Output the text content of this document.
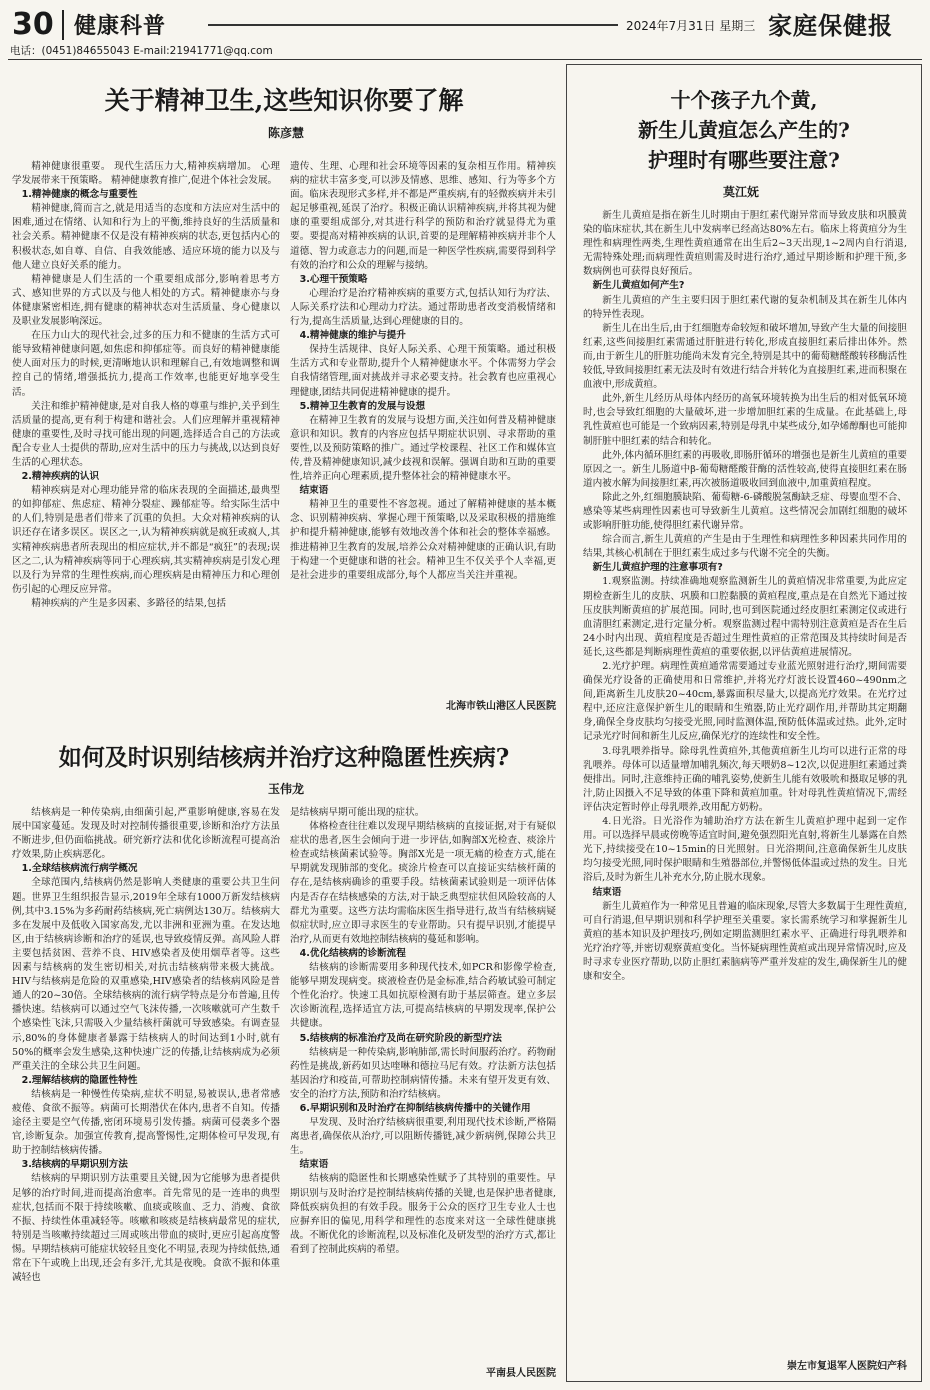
30 健康科普	2024年7月31日 星期三 家庭保健报
电话：(0451)84655043 E-mail:21941771@qq.com
关于精神卫生,这些知识你要了解
陈彦慧

精神健康很重要。 现代生活压力大,精神疾病增加。 心理学发展带来干预策略。 精神健康教育推广,促进个体社会发展。

1.精神健康的概念与重要性

精神健康,简而言之,就是用适当的态度和方法应对生活中的困难,通过在情绪、认知和行为上的平衡,维持良好的生活质量和社会关系。精神健康不仅是没有精神疾病的状态,更包括内心的积极状态,如自尊、自信、自我效能感、适应环境的能力以及与他人建立良好关系的能力。

精神健康是人们生活的一个重要组成部分,影响着思考方式、感知世界的方式以及与他人相处的方式。精神健康亦与身体健康紧密相连,拥有健康的精神状态对生活质量、身心健康以及职业发展影响深远。

在压力山大的现代社会,过多的压力和不健康的生活方式可能导致精神健康问题,如焦虑和抑郁症等。而良好的精神健康能使人面对压力的时候,更清晰地认识和理解自己,有效地调整和调控自己的情绪,增强抵抗力,提高工作效率,也能更好地享受生活。

关注和维护精神健康,是对自我人格的尊重与维护,关乎到生活质量的提高,更有利于构建和谐社会。人们应理解并重视精神健康的重要性,及时寻找可能出现的问题,选择适合自己的方法或配合专业人士提供的帮助,应对生活中的压力与挑战,以达到良好生活的心理状态。

2.精神疾病的认识

精神疾病是对心理功能异常的临床表现的全面描述,最典型的如抑郁症、焦虑症、精神分裂症、躁郁症等。给实际生活中的人们,特别是患者们带来了沉重的负担。大众对精神疾病的认识还存在诸多误区。误区之一,认为精神疾病就是疯狂或疯人,其实精神疾病患者所表现出的相应症状,并不都是“疯狂”的表现;误区之二,认为精神疾病等同于心理疾病,其实精神疾病是引发心理以及行为异常的生理性疾病,而心理疾病是由精神压力和心理创伤引起的心理反应异常。

精神疾病的产生是多因素、多路径的结果,包括

遗传、生理、心理和社会环境等因素的复杂相互作用。精神疾病的症状丰富多变,可以涉及情感、思维、感知、行为等多个方面。临床表现形式多样,并不都是严重疾病,有的轻微疾病并未引起足够重视,延误了治疗。积极正确认识精神疾病,并将其视为健康的重要组成部分,对其进行科学的预防和治疗就显得尤为重要。要提高对精神疾病的认识,首要的是理解精神疾病并非个人道德、智力或意志力的问题,而是一种医学性疾病,需要得到科学有效的治疗和公众的理解与接纳。

3.心理干预策略

心理治疗是治疗精神疾病的重要方式,包括认知行为疗法、人际关系疗法和心理动力疗法。通过帮助患者改变消极情绪和行为,提高生活质量,达到心理健康的目的。

4.精神健康的维护与提升

保持生活规律、良好人际关系、心理干预策略。通过积极生活方式和专业帮助,提升个人精神健康水平。个体需努力学会自我情绪管理,面对挑战并寻求必要支持。社会教育也应重视心理健康,团结共同促进精神健康的提升。

5.精神卫生教育的发展与设想

在精神卫生教育的发展与设想方面,关注如何普及精神健康意识和知识。教育的内容应包括早期症状识别、寻求帮助的重要性,以及预防策略的推广。通过学校课程、社区工作和媒体宣传,普及精神健康知识,减少歧视和误解。强调自助和互助的重要性,培养正向心理素质,提升整体社会的精神健康水平。

结束语

精神卫生的重要性不容忽视。通过了解精神健康的基本概念、识别精神疾病、掌握心理干预策略,以及采取积极的措施维护和提升精神健康,能够有效地改善个体和社会的整体幸福感。推进精神卫生教育的发展,培养公众对精神健康的正确认识,有助于构建一个更健康和谐的社会。精神卫生不仅关乎个人幸福,更是社会进步的重要组成部分,每个人都应当关注并重视。

北海市铁山港区人民医院
如何及时识别结核病并治疗这种隐匿性疾病?
玉伟龙

结核病是一种传染病,由细菌引起,严重影响健康,容易在发展中国家蔓延。发现及时对控制传播很重要,诊断和治疗方法虽不断进步,但仍面临挑战。研究新疗法和优化诊断流程可提高治疗效果,防止疾病恶化。

1.全球结核病流行病学概况

全球范围内,结核病仍然是影响人类健康的重要公共卫生问题。世界卫生组织报告显示,2019年全球有1000万新发结核病例,其中3.15%为多药耐药结核病,死亡病例达130万。结核病大多在发展中及低收入国家高发,尤以非洲和亚洲为重。在发达地区,由于结核病诊断和治疗的延误,也导致疫情反弹。高风险人群主要包括贫困、营养不良、HIV感染者及使用烟草者等。这些因素与结核病的发生密切相关,对抗击结核病带来极大挑战。HIV与结核病是危险的双重感染,HIV感染者的结核病风险是普通人的20~30倍。全球结核病的流行病学特点是分布普遍,且传播快速。结核病可以通过空气飞沫传播,一次咳嗽就可产生数千个感染性飞沫,只需吸入少量结核杆菌就可导致感染。有调查显示,80%的身体健康者暴露于结核病人的时间达到1小时,就有50%的概率会发生感染,这种快速广泛的传播,让结核病成为必须严重关注的全球公共卫生问题。

2.理解结核病的隐匿性特性

结核病是一种慢性传染病,症状不明显,易被误认,患者常感疲倦、食欲不振等。病菌可长期潜伏在体内,患者不自知。传播途径主要是空气传播,密闭环境易引发传播。病菌可侵袭多个器官,诊断复杂。加强宣传教育,提高警惕性,定期体检可早发现,有助于控制结核病传播。

3.结核病的早期识别方法

结核病的早期识别方法重要且关键,因为它能够为患者提供足够的治疗时间,进而提高治愈率。首先常见的是一连串的典型症状,包括而不限于持续咳嗽、血痰或咳血、乏力、消瘦、食欲不振、持续性体重减轻等。咳嗽和咳痰是结核病最常见的症状,特别是当咳嗽持续超过三周或咳出带血的痰时,更应引起高度警惕。早期结核病可能症状较轻且变化不明显,表现为持续低热,通常在下午或晚上出现,还会有多汗,尤其是夜晚。食欲不振和体重减轻也

是结核病早期可能出现的症状。

体格检查往往难以发现早期结核病的直接证据,对于有疑似症状的患者,医生会倾向于进一步评估,如胸部X光检查、痰涂片检查或结核菌素试验等。胸部X光是一项无痛的检查方式,能在早期就发现肺部的变化。痰涂片检查可以直接证实结核杆菌的存在,是结核病确诊的重要手段。结核菌素试验则是一项评估体内是否存在结核感染的方法,对于缺乏典型症状但风险较高的人群尤为重要。这些方法均需临床医生指导进行,故当有结核病疑似症状时,应立即寻求医生的专业帮助。只有提早识别,才能提早治疗,从而更有效地控制结核病的蔓延和影响。

4.优化结核病的诊断流程

结核病的诊断需要用多种现代技术,如PCR和影像学检查,能够早期发现病变。痰液检查仍是金标准,结合药敏试验可制定个性化治疗。快速工具如抗原检测有助于基层筛查。建立多层次诊断流程,选择适宜方法,可提高结核病的早期发现率,保护公共健康。

5.结核病的标准治疗及尚在研究阶段的新型疗法

结核病是一种传染病,影响肺部,需长时间服药治疗。药物耐药性是挑战,新药如贝达喹啉和德拉马尼有效。疗法新方法包括基因治疗和疫苗,可帮助控制病情传播。未来有望开发更有效、安全的治疗方法,预防和治疗结核病。

6.早期识别和及时治疗在抑制结核病传播中的关键作用

早发现、及时治疗结核病很重要,利用现代技术诊断,严格隔离患者,确保依从治疗,可以阻断传播链,减少新病例,保障公共卫生。

结束语

结核病的隐匿性和长期感染性赋予了其特别的重要性。早期识别与及时治疗是控制结核病传播的关键,也是保护患者健康,降低疾病负担的有效手段。服务于公众的医疗卫生专业人士也应摒弃旧的偏见,用科学和理性的态度来对这一全球性健康挑战。不断优化的诊断流程,以及标准化及研发型的治疗方式,都让看到了控制此疾病的希望。

平南县人民医院
十个孩子九个黄,
新生儿黄疸怎么产生的?
护理时有哪些要注意?
莫江妩

新生儿黄疸是指在新生儿时期由于胆红素代谢异常而导致皮肤和巩膜黄染的临床症状,其在新生儿中发病率已经高达80%左右。临床上将黄疸分为生理性和病理性两类,生理性黄疸通常在出生后2~3天出现,1~2周内自行消退,无需特殊处理;而病理性黄疸则需及时进行治疗,通过早期诊断和护理干预,多数病例也可获得良好预后。

新生儿黄疸如何产生?

新生儿黄疸的产生主要归因于胆红素代谢的复杂机制及其在新生儿体内的特异性表现。

新生儿在出生后,由于红细胞寿命较短和破坏增加,导致产生大量的间接胆红素,这些间接胆红素需通过肝脏进行转化,形成直接胆红素后排出体外。然而,由于新生儿的肝脏功能尚未发育完全,特别是其中的葡萄糖醛酸转移酶活性较低,导致间接胆红素无法及时有效进行结合并转化为直接胆红素,进而积聚在血液中,形成黄疸。

此外,新生儿经历从母体内经历的高氧环境转换为出生后的相对低氧环境时,也会导致红细胞的大量破坏,进一步增加胆红素的生成量。在此基础上,母乳性黄疸也可能是一个致病因素,特别是母乳中某些成分,如孕烯醇酮也可能抑制肝脏中胆红素的结合和转化。

此外,体内循环胆红素的再吸收,即肠肝循环的增强也是新生儿黄疸的重要原因之一。新生儿肠道中β-葡萄糖醛酸苷酶的活性较高,使得直接胆红素在肠道内被水解为间接胆红素,再次被肠道吸收回到血液中,加重黄疸程度。

除此之外,红细胞膜缺陷、葡萄糖-6-磷酸脱氢酶缺乏症、母婴血型不合、感染等某些病理性因素也可导致新生儿黄疸。这些情况会加剧红细胞的破坏或影响肝脏功能,使得胆红素代谢异常。

综合而言,新生儿黄疸的产生是由于生理性和病理性多种因素共同作用的结果,其核心机制在于胆红素生成过多与代谢不完全的失衡。

新生儿黄疸护理的注意事项有?

1.观察监测。持续准确地观察监测新生儿的黄疸情况非常重要,为此应定期检查新生儿的皮肤、巩膜和口腔黏膜的黄疸程度,重点是在自然光下通过按压皮肤判断黄疸的扩展范围。同时,也可到医院通过经皮胆红素测定仪或进行血清胆红素测定,进行定量分析。观察监测过程中需特别注意黄疸是否在生后24小时内出现、黄疸程度是否超过生理性黄疸的正常范围及其持续时间是否延长,这些都是判断病理性黄疸的重要依据,以评估黄疸进展情况。

2.光疗护理。病理性黄疸通常需要通过专业蓝光照射进行治疗,期间需要确保光疗设备的正确使用和日常维护,并将光疗灯波长设置460~490nm之间,距离新生儿皮肤20~40cm,暴露面积尽量大,以提高光疗效果。在光疗过程中,还应注意保护新生儿的眼睛和生殖器,防止光疗副作用,并帮助其定期翻身,确保全身皮肤均匀接受光照,同时监测体温,预防低体温或过热。此外,定时记录光疗时间和新生儿反应,确保光疗的连续性和安全性。

3.母乳喂养指导。除母乳性黄疸外,其他黄疸新生儿均可以进行正常的母乳喂养。母体可以适量增加哺乳频次,每天喂奶8~12次,以促进胆红素通过粪便排出。同时,注意维持正确的哺乳姿势,使新生儿能有效吸吮和摄取足够的乳汁,防止因摄入不足导致的体重下降和黄疸加重。针对母乳性黄疸情况下,需经评估决定暂时停止母乳喂养,改用配方奶粉。

4.日光浴。日光浴作为辅助治疗方法在新生儿黄疸护理中起到一定作用。可以选择早晨或傍晚等适宜时间,避免强烈阳光直射,将新生儿暴露在自然光下,持续接受在10~15min的日光照射。日光浴期间,注意确保新生儿皮肤均匀接受光照,同时保护眼睛和生殖器部位,并警惕低体温或过热的发生。日光浴后,及时为新生儿补充水分,防止脱水现象。

结束语

新生儿黄疸作为一种常见且普遍的临床现象,尽管大多数属于生理性黄疸,可自行消退,但早期识别和科学护理至关重要。家长需系统学习和掌握新生儿黄疸的基本知识及护理技巧,例如定期监测胆红素水平、正确进行母乳喂养和光疗治疗等,并密切观察黄疸变化。当怀疑病理性黄疸或出现异常情况时,应及时寻求专业医疗帮助,以防止胆红素脑病等严重并发症的发生,确保新生儿的健康和安全。

崇左市复退军人医院妇产科
